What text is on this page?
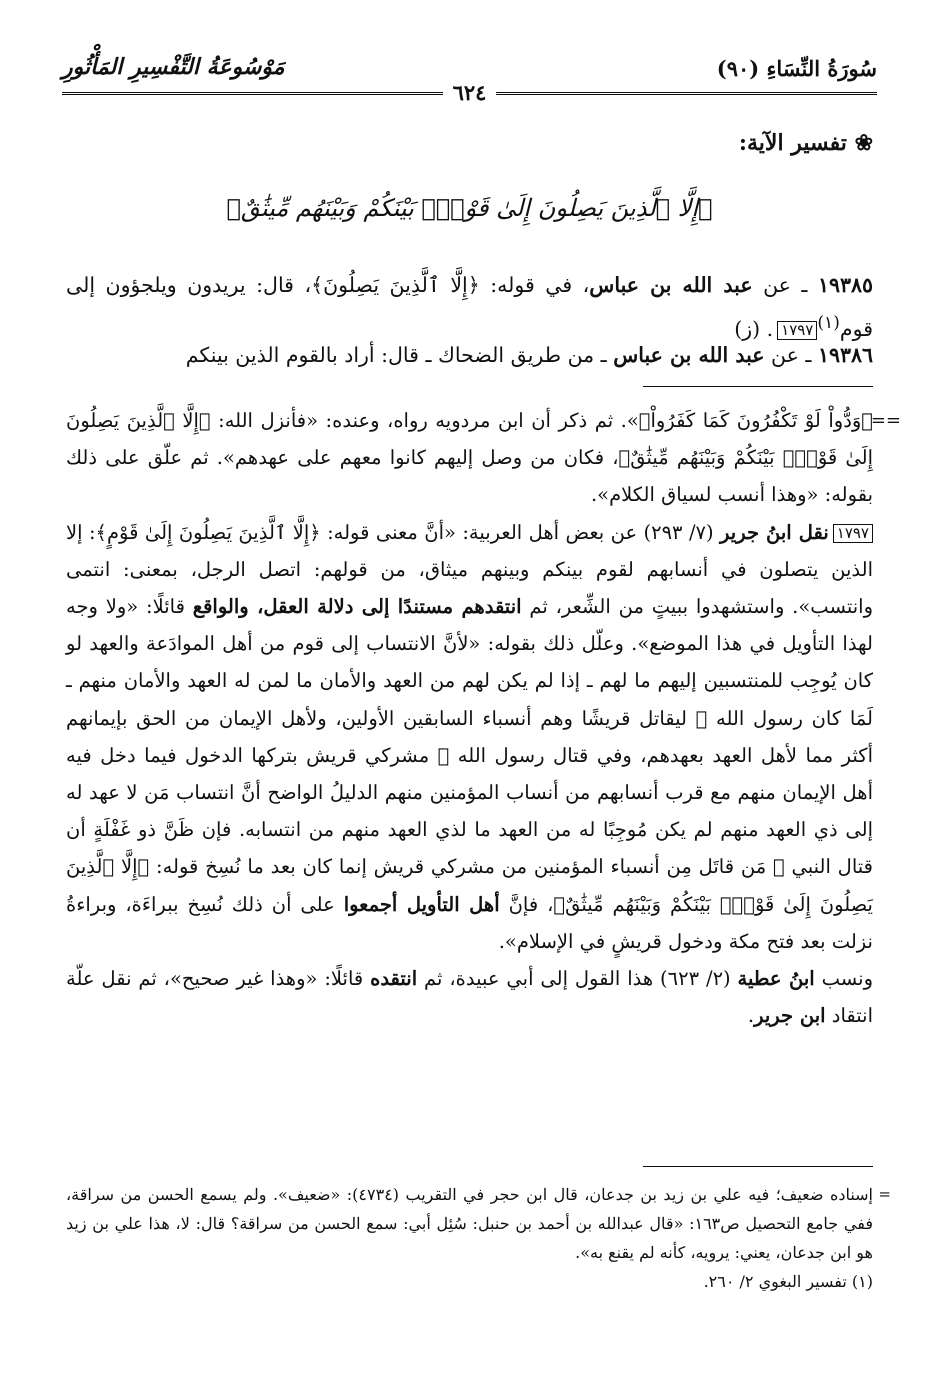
سُورَةُ النِّسَاءِ (٩٠)
مَوْسُوعَةُ التَّفْسِيرِ المَأْثُورِ
٦٢٤
❀ تفسير الآية:
﴿إِلَّا ٱلَّذِينَ يَصِلُونَ إِلَىٰ قَوْمِۭ بَيْنَكُمْ وَبَيْنَهُم مِّيثَٰقٌ﴾
١٩٣٨٥ ـ عن عبد الله بن عباس، في قوله: ﴿إِلَّا ٱلَّذِينَ يَصِلُونَ﴾، قال: يريدون ويلجؤون إلى قوم$^{(١)}$١٧٩٧. (ز)
١٩٣٨٦ ـ عن عبد الله بن عباس ـ من طريق الضحاك ـ قال: أراد بالقوم الذين بينكم
==

﴿وَدُّواْ لَوْ تَكْفُرُونَ كَمَا كَفَرُواْ﴾». ثم ذكر أن ابن مردويه رواه، وعنده: «فأنزل الله: ﴿إِلَّا ٱلَّذِينَ يَصِلُونَ إِلَىٰ قَوْمِۭ بَيْنَكُمْ وَبَيْنَهُم مِّيثَٰقٌ﴾، فكان من وصل إليهم كانوا معهم على عهدهم». ثم علّق على ذلك بقوله: «وهذا أنسب لسياق الكلام».

١٧٩٧نقل ابنُ جرير (٧/ ٢٩٣) عن بعض أهل العربية: «أنَّ معنى قوله: ﴿إِلَّا ٱلَّذِينَ يَصِلُونَ إِلَىٰ قَوْمٍ﴾: إلا الذين يتصلون في أنسابهم لقوم بينكم وبينهم ميثاق، من قولهم: اتصل الرجل، بمعنى: انتمى وانتسب». واستشهدوا ببيتٍ من الشِّعر، ثم انتقدهم مستندًا إلى دلالة العقل، والواقع قائلًا: «ولا وجه لهذا التأويل في هذا الموضع». وعلّل ذلك بقوله: «لأنَّ الانتساب إلى قوم من أهل الموادَعة والعهد لو كان يُوجِب للمنتسبين إليهم ما لهم ـ إذا لم يكن لهم من العهد والأمان ما لمن له العهد والأمان منهم ـ لَمَا كان رسول الله ﷺ ليقاتل قريشًا وهم أنسباء السابقين الأولين، ولأهل الإيمان من الحق بإيمانهم أكثر مما لأهل العهد بعهدهم، وفي قتال رسول الله ﷺ مشركي قريش بتركها الدخول فيما دخل فيه أهل الإيمان منهم مع قرب أنسابهم من أنساب المؤمنين منهم الدليلُ الواضح أنَّ انتساب مَن لا عهد له إلى ذي العهد منهم لم يكن مُوجِبًا له من العهد ما لذي العهد منهم من انتسابه. فإن ظَنَّ ذو غَفْلَةٍ أن قتال النبي ﷺ مَن قاتَل مِن أنسباء المؤمنين من مشركي قريش إنما كان بعد ما نُسِخ قوله: ﴿إِلَّا ٱلَّذِينَ يَصِلُونَ إِلَىٰ قَوْمِۭ بَيْنَكُمْ وَبَيْنَهُم مِّيثَٰقٌ﴾، فإنَّ أهل التأويل أجمعوا على أن ذلك نُسِخ ببراءَة، وبراءةُ نزلت بعد فتح مكة ودخول قريشٍ في الإسلام».

ونسب ابنُ عطية (٢/ ٦٢٣) هذا القول إلى أبي عبيدة، ثم انتقده قائلًا: «وهذا غير صحيح»، ثم نقل علّة انتقاد ابن جرير.

=

إسناده ضعيف؛ فيه علي بن زيد بن جدعان، قال ابن حجر في التقريب (٤٧٣٤): «ضعيف». ولم يسمع الحسن من سراقة، ففي جامع التحصيل ص١٦٣: «قال عبدالله بن أحمد بن حنبل: سُئِل أبي: سمع الحسن من سراقة؟ قال: لا، هذا علي بن زيد هو ابن جدعان، يعني: يرويه، كأنه لم يقنع به».

(١) تفسير البغوي ٢/ ٢٦٠.
